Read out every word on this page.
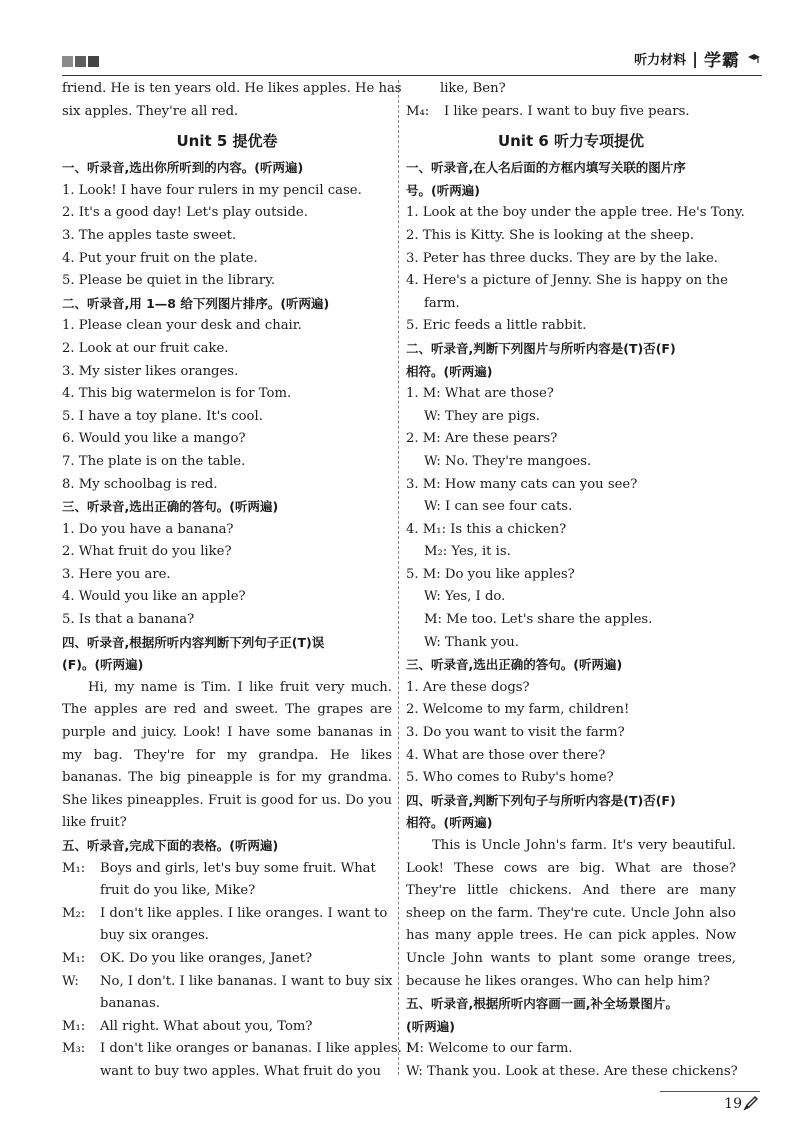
听力材料 | 学霸
friend. He is ten years old. He likes apples. He has
six apples. They're all red.
Unit 5 提优卷
一、听录音,选出你所听到的内容。(听两遍)
1. Look! I have four rulers in my pencil case.
2. It's a good day! Let's play outside.
3. The apples taste sweet.
4. Put your fruit on the plate.
5. Please be quiet in the library.
二、听录音,用 1—8 给下列图片排序。(听两遍)
1. Please clean your desk and chair.
2. Look at our fruit cake.
3. My sister likes oranges.
4. This big watermelon is for Tom.
5. I have a toy plane. It's cool.
6. Would you like a mango?
7. The plate is on the table.
8. My schoolbag is red.
三、听录音,选出正确的答句。(听两遍)
1. Do you have a banana?
2. What fruit do you like?
3. Here you are.
4. Would you like an apple?
5. Is that a banana?
四、听录音,根据所听内容判断下列句子正(T)误
(F)。(听两遍)
Hi, my name is Tim. I like fruit very much. The apples are red and sweet. The grapes are purple and juicy. Look! I have some bananas in my bag. They're for my grandpa. He likes bananas. The big pineapple is for my grandma. She likes pineapples. Fruit is good for us. Do you like fruit?
五、听录音,完成下面的表格。(听两遍)
M₁: Boys and girls, let's buy some fruit. What
fruit do you like, Mike?
M₂: I don't like apples. I like oranges. I want to
buy six oranges.
M₁: OK. Do you like oranges, Janet?
W: No, I don't. I like bananas. I want to buy six
bananas.
M₁: All right. What about you, Tom?
M₃: I don't like oranges or bananas. I like apples. I
want to buy two apples. What fruit do you
like, Ben?
M₄: I like pears. I want to buy five pears.
Unit 6 听力专项提优
一、听录音,在人名后面的方框内填写关联的图片序
号。(听两遍)
1. Look at the boy under the apple tree. He's Tony.
2. This is Kitty. She is looking at the sheep.
3. Peter has three ducks. They are by the lake.
4. Here's a picture of Jenny. She is happy on the
farm.
5. Eric feeds a little rabbit.
二、听录音,判断下列图片与所听内容是(T)否(F)
相符。(听两遍)
1. M: What are those?
W: They are pigs.
2. M: Are these pears?
W: No. They're mangoes.
3. M: How many cats can you see?
W: I can see four cats.
4. M₁: Is this a chicken?
M₂: Yes, it is.
5. M: Do you like apples?
W: Yes, I do.
M: Me too. Let's share the apples.
W: Thank you.
三、听录音,选出正确的答句。(听两遍)
1. Are these dogs?
2. Welcome to my farm, children!
3. Do you want to visit the farm?
4. What are those over there?
5. Who comes to Ruby's home?
四、听录音,判断下列句子与所听内容是(T)否(F)
相符。(听两遍)
This is Uncle John's farm. It's very beautiful. Look! These cows are big. What are those? They're little chickens. And there are many sheep on the farm. They're cute. Uncle John also has many apple trees. He can pick apples. Now Uncle John wants to plant some orange trees, because he likes oranges. Who can help him?
五、听录音,根据所听内容画一画,补全场景图片。
(听两遍)
M: Welcome to our farm.
W: Thank you. Look at these. Are these chickens?
19
